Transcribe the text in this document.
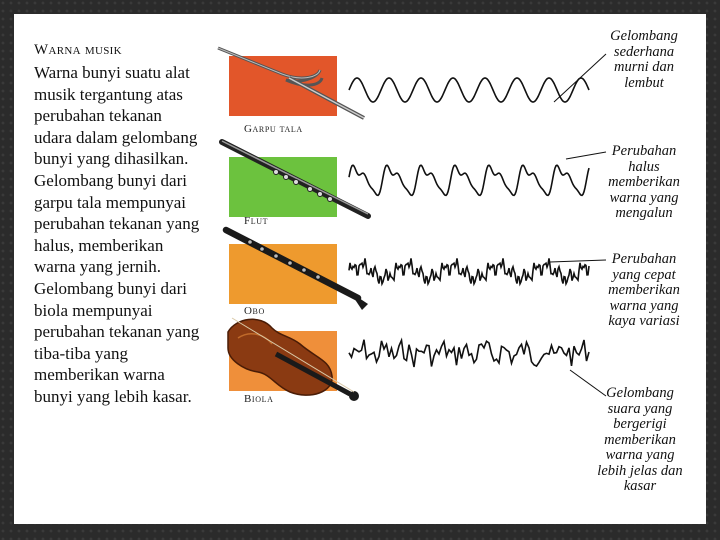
Warna musik
Warna bunyi suatu alat
musik tergantung atas
perubahan tekanan
udara dalam gelombang
bunyi yang dihasilkan.
Gelombang bunyi dari
garpu tala mempunyai
perubahan tekanan yang
halus, memberikan
warna yang jernih.
Gelombang bunyi dari
biola mempunyai
perubahan tekanan yang
tiba-tiba yang
memberikan warna
bunyi yang lebih kasar.
Garpu tala
Flut
Obo
Biola
Gelombang
sederhana
murni dan
lembut
Perubahan
halus
memberikan
warna yang
mengalun
Perubahan
yang cepat
memberikan
warna yang
kaya variasi
Gelombang
suara yang
bergerigi
memberikan
warna yang
lebih jelas dan
kasar
